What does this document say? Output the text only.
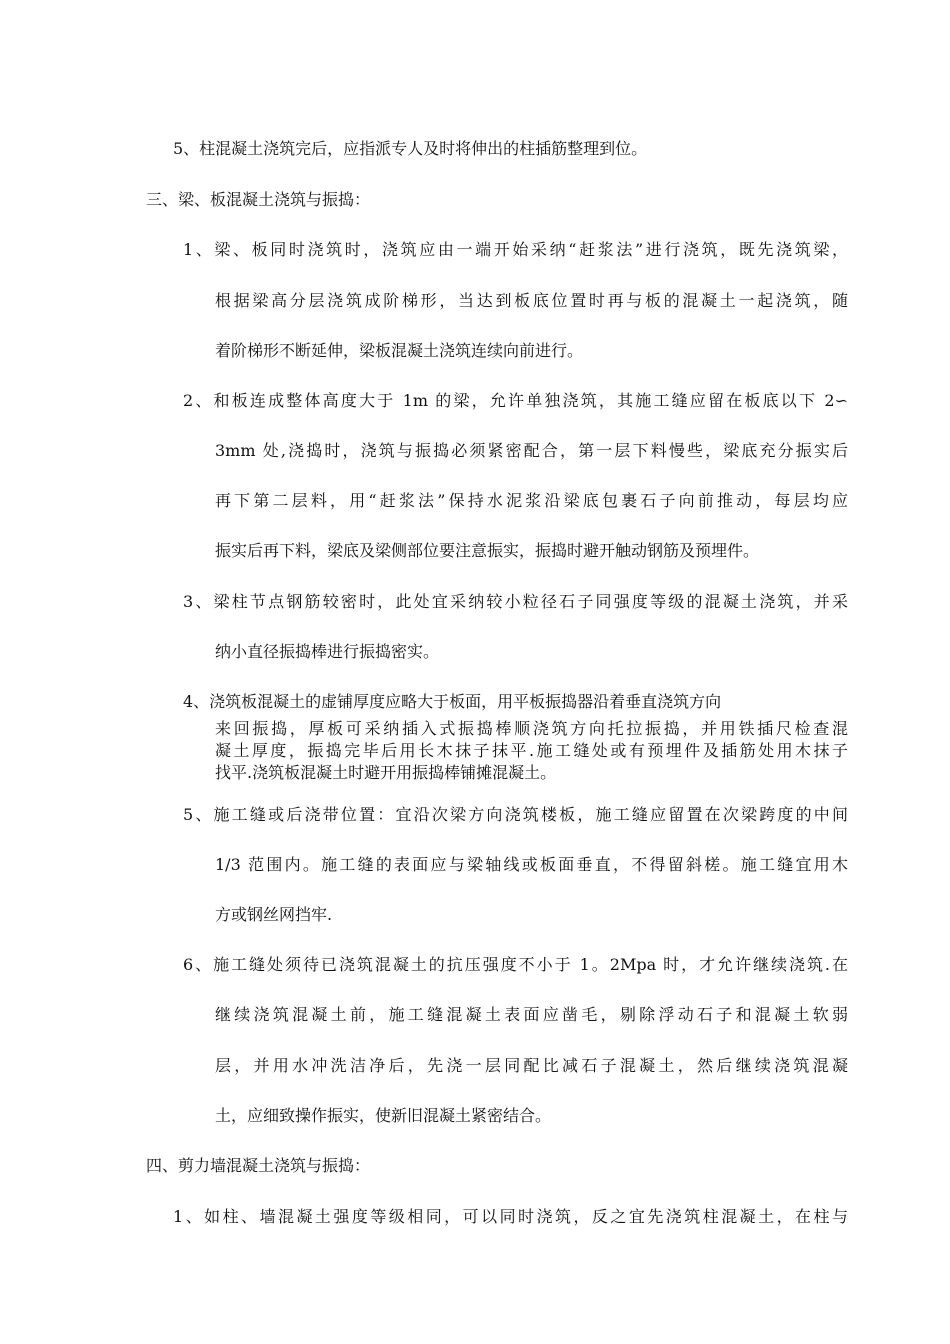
5、柱混凝土浇筑完后，应指派专人及时将伸出的柱插筋整理到位。
三、梁、板混凝土浇筑与振捣：
1、梁、板同时浇筑时，浇筑应由一端开始采纳“赶浆法”进行浇筑，既先浇筑梁，
根据梁高分层浇筑成阶梯形，当达到板底位置时再与板的混凝土一起浇筑，随
着阶梯形不断延伸，梁板混凝土浇筑连续向前进行。
2、和板连成整体高度大于 1m 的梁，允许单独浇筑，其施工缝应留在板底以下 2∽
3mm 处,浇捣时，浇筑与振捣必须紧密配合，第一层下料慢些，梁底充分振实后
再下第二层料，用“赶浆法”保持水泥浆沿梁底包裹石子向前推动，每层均应
振实后再下料，梁底及梁侧部位要注意振实，振捣时避开触动钢筋及预埋件。
3、梁柱节点钢筋较密时，此处宜采纳较小粒径石子同强度等级的混凝土浇筑，并采
纳小直径振捣棒进行振捣密实。
4、浇筑板混凝土的虚铺厚度应略大于板面，用平板振捣器沿着垂直浇筑方向
来回振捣，厚板可采纳插入式振捣棒顺浇筑方向托拉振捣，并用铁插尺检查混
凝土厚度，振捣完毕后用长木抹子抹平.施工缝处或有预埋件及插筋处用木抹子
找平.浇筑板混凝土时避开用振捣棒铺摊混凝土。
5、施工缝或后浇带位置：宜沿次梁方向浇筑楼板，施工缝应留置在次梁跨度的中间
1/3 范围内。施工缝的表面应与梁轴线或板面垂直，不得留斜槎。施工缝宜用木
方或钢丝网挡牢.
6、施工缝处须待已浇筑混凝土的抗压强度不小于 1。2Mpa 时，才允许继续浇筑.在
继续浇筑混凝土前，施工缝混凝土表面应凿毛，剔除浮动石子和混凝土软弱
层，并用水冲洗洁净后，先浇一层同配比减石子混凝土，然后继续浇筑混凝
土，应细致操作振实，使新旧混凝土紧密结合。
四、剪力墙混凝土浇筑与振捣：
1、如柱、墙混凝土强度等级相同，可以同时浇筑，反之宜先浇筑柱混凝土，在柱与
